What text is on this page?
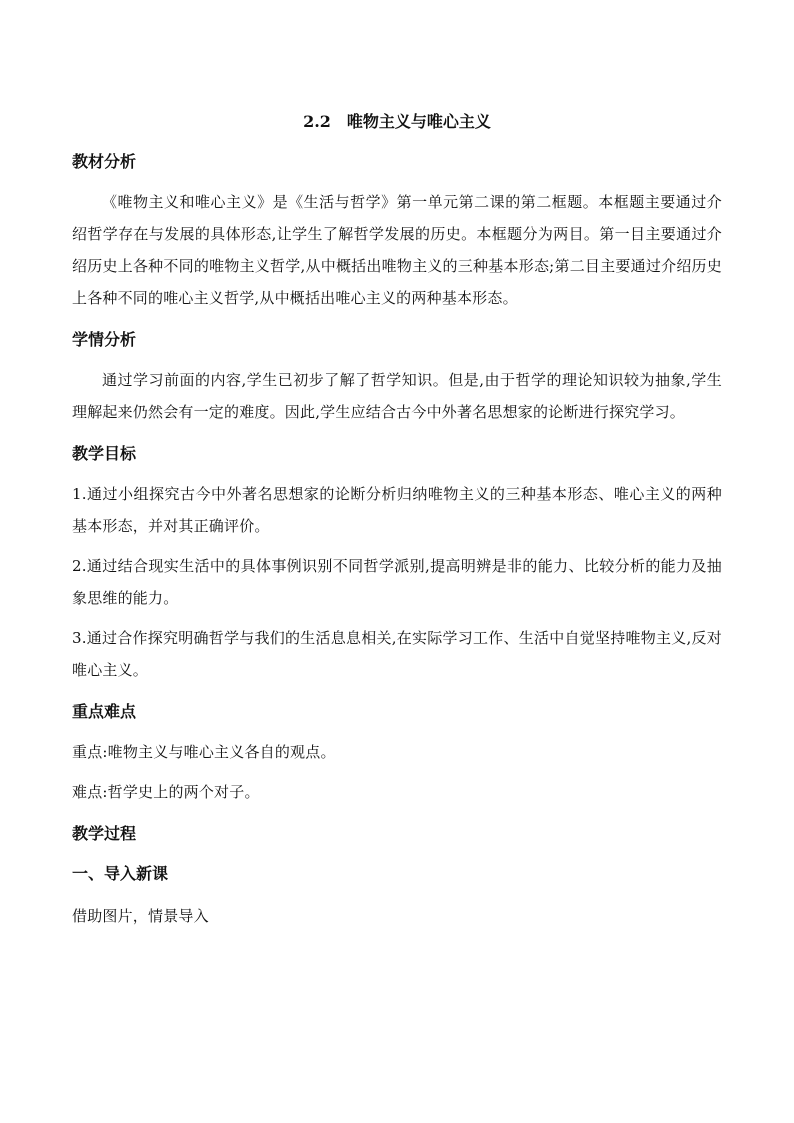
2.2　唯物主义与唯心主义

教材分析

《唯物主义和唯心主义》是《生活与哲学》第一单元第二课的第二框题。本框题主要通过介绍哲学存在与发展的具体形态,让学生了解哲学发展的历史。本框题分为两目。第一目主要通过介绍历史上各种不同的唯物主义哲学,从中概括出唯物主义的三种基本形态;第二目主要通过介绍历史上各种不同的唯心主义哲学,从中概括出唯心主义的两种基本形态。

学情分析

通过学习前面的内容,学生已初步了解了哲学知识。但是,由于哲学的理论知识较为抽象,学生理解起来仍然会有一定的难度。因此,学生应结合古今中外著名思想家的论断进行探究学习。

教学目标

1.通过小组探究古今中外著名思想家的论断分析归纳唯物主义的三种基本形态、唯心主义的两种基本形态，并对其正确评价。

2.通过结合现实生活中的具体事例识别不同哲学派别,提高明辨是非的能力、比较分析的能力及抽象思维的能力。

3.通过合作探究明确哲学与我们的生活息息相关,在实际学习工作、生活中自觉坚持唯物主义,反对唯心主义。

重点难点

重点:唯物主义与唯心主义各自的观点。

难点:哲学史上的两个对子。

教学过程

一、导入新课

借助图片，情景导入
